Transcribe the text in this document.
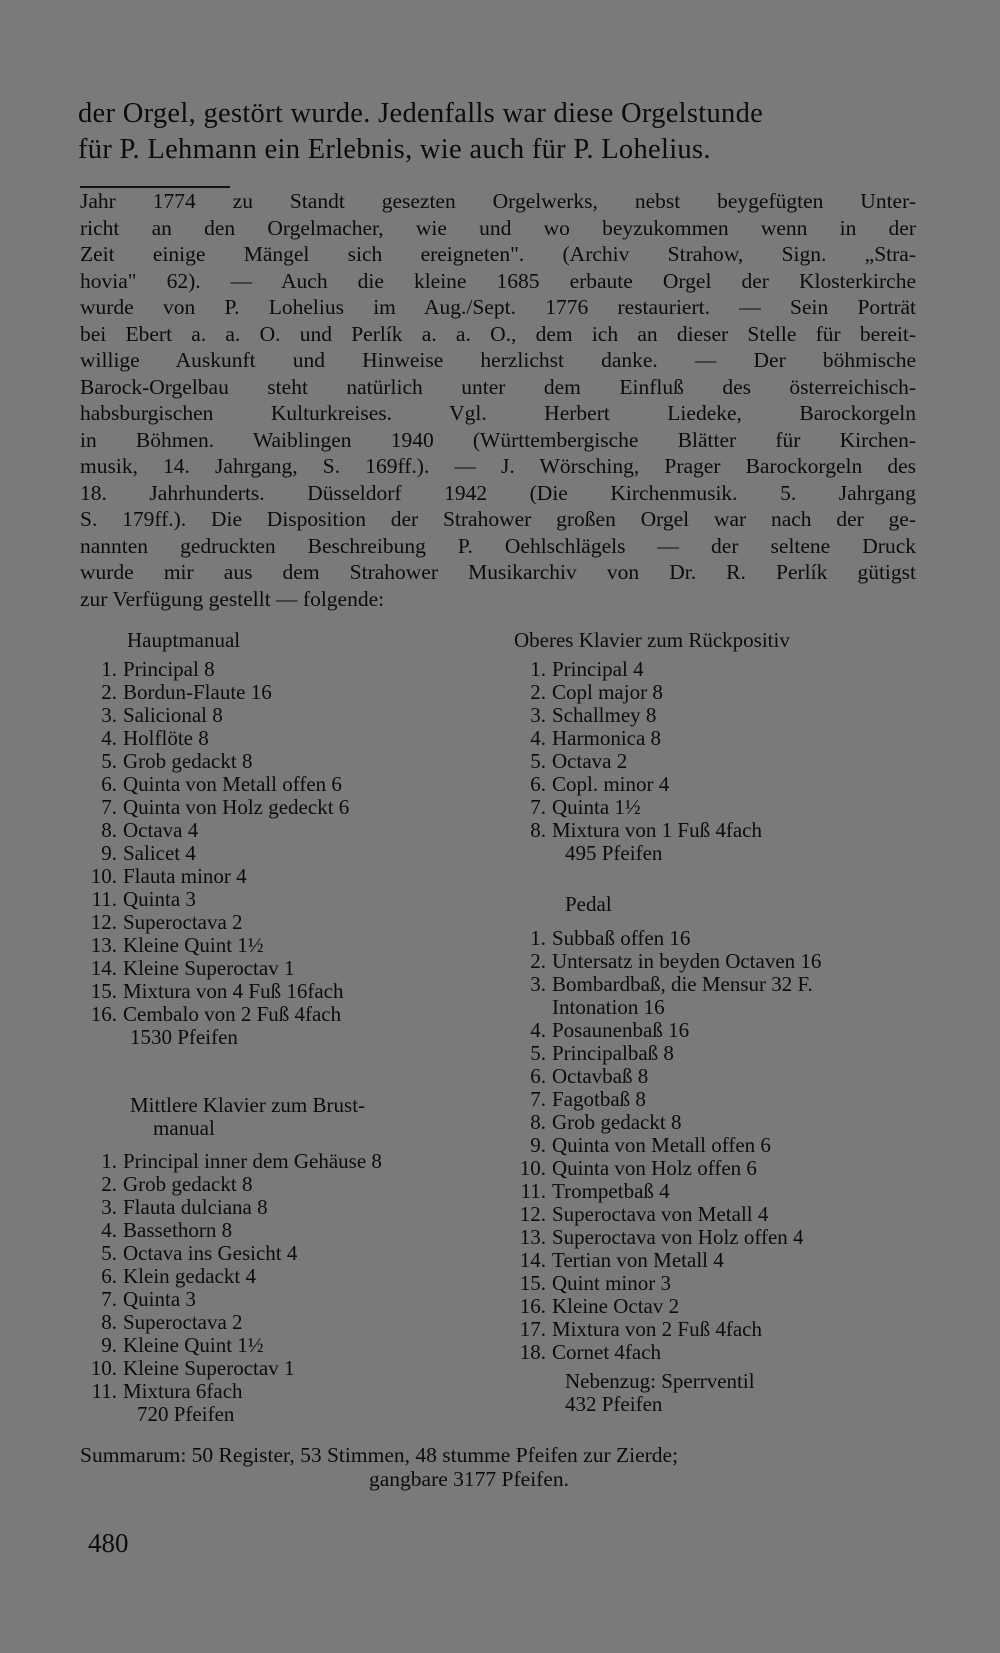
der Orgel, gestört wurde. Jedenfalls war diese Orgelstunde
für P. Lehmann ein Erlebnis, wie auch für P. Lohelius.
Jahr 1774 zu Standt gesezten Orgelwerks, nebst beygefügten Unter-
richt an den Orgelmacher, wie und wo beyzukommen wenn in der
Zeit einige Mängel sich ereigneten". (Archiv Strahow, Sign. „Stra-
hovia" 62). — Auch die kleine 1685 erbaute Orgel der Klosterkirche
wurde von P. Lohelius im Aug./Sept. 1776 restauriert. — Sein Porträt
bei Ebert a. a. O. und Perlík a. a. O., dem ich an dieser Stelle für bereit-
willige Auskunft und Hinweise herzlichst danke. — Der böhmische
Barock-Orgelbau steht natürlich unter dem Einfluß des österreichisch-
habsburgischen Kulturkreises. Vgl. Herbert Liedeke, Barockorgeln
in Böhmen. Waiblingen 1940 (Württembergische Blätter für Kirchen-
musik, 14. Jahrgang, S. 169ff.). — J. Wörsching, Prager Barockorgeln des
18. Jahrhunderts. Düsseldorf 1942 (Die Kirchenmusik. 5. Jahrgang
S. 179ff.). Die Disposition der Strahower großen Orgel war nach der ge-
nannten gedruckten Beschreibung P. Oehlschlägels — der seltene Druck
wurde mir aus dem Strahower Musikarchiv von Dr. R. Perlík gütigst
zur Verfügung gestellt — folgende:
Hauptmanual
1. Principal 8
2. Bordun-Flaute 16
3. Salicional 8
4. Holflöte 8
5. Grob gedackt 8
6. Quinta von Metall offen 6
7. Quinta von Holz gedeckt 6
8. Octava 4
9. Salicet 4
10. Flauta minor 4
11. Quinta 3
12. Superoctava 2
13. Kleine Quint 1½
14. Kleine Superoctav 1
15. Mixtura von 4 Fuß 16fach
16. Cembalo von 2 Fuß 4fach
1530 Pfeifen
Mittlere Klavier zum Brust-
manual
1. Principal inner dem Gehäuse 8
2. Grob gedackt 8
3. Flauta dulciana 8
4. Bassethorn 8
5. Octava ins Gesicht 4
6. Klein gedackt 4
7. Quinta 3
8. Superoctava 2
9. Kleine Quint 1½
10. Kleine Superoctav 1
11. Mixtura 6fach
720 Pfeifen
Oberes Klavier zum Rückpositiv
1. Principal 4
2. Copl major 8
3. Schallmey 8
4. Harmonica 8
5. Octava 2
6. Copl. minor 4
7. Quinta 1½
8. Mixtura von 1 Fuß 4fach
495 Pfeifen
Pedal
1. Subbaß offen 16
2. Untersatz in beyden Octaven 16
3. Bombardbaß, die Mensur 32 F.
Intonation 16
4. Posaunenbaß 16
5. Principalbaß 8
6. Octavbaß 8
7. Fagotbaß 8
8. Grob gedackt 8
9. Quinta von Metall offen 6
10. Quinta von Holz offen 6
11. Trompetbaß 4
12. Superoctava von Metall 4
13. Superoctava von Holz offen 4
14. Tertian von Metall 4
15. Quint minor 3
16. Kleine Octav 2
17. Mixtura von 2 Fuß 4fach
18. Cornet 4fach
Nebenzug: Sperrventil
432 Pfeifen
Summarum: 50 Register, 53 Stimmen, 48 stumme Pfeifen zur Zierde;
gangbare 3177 Pfeifen.
480
